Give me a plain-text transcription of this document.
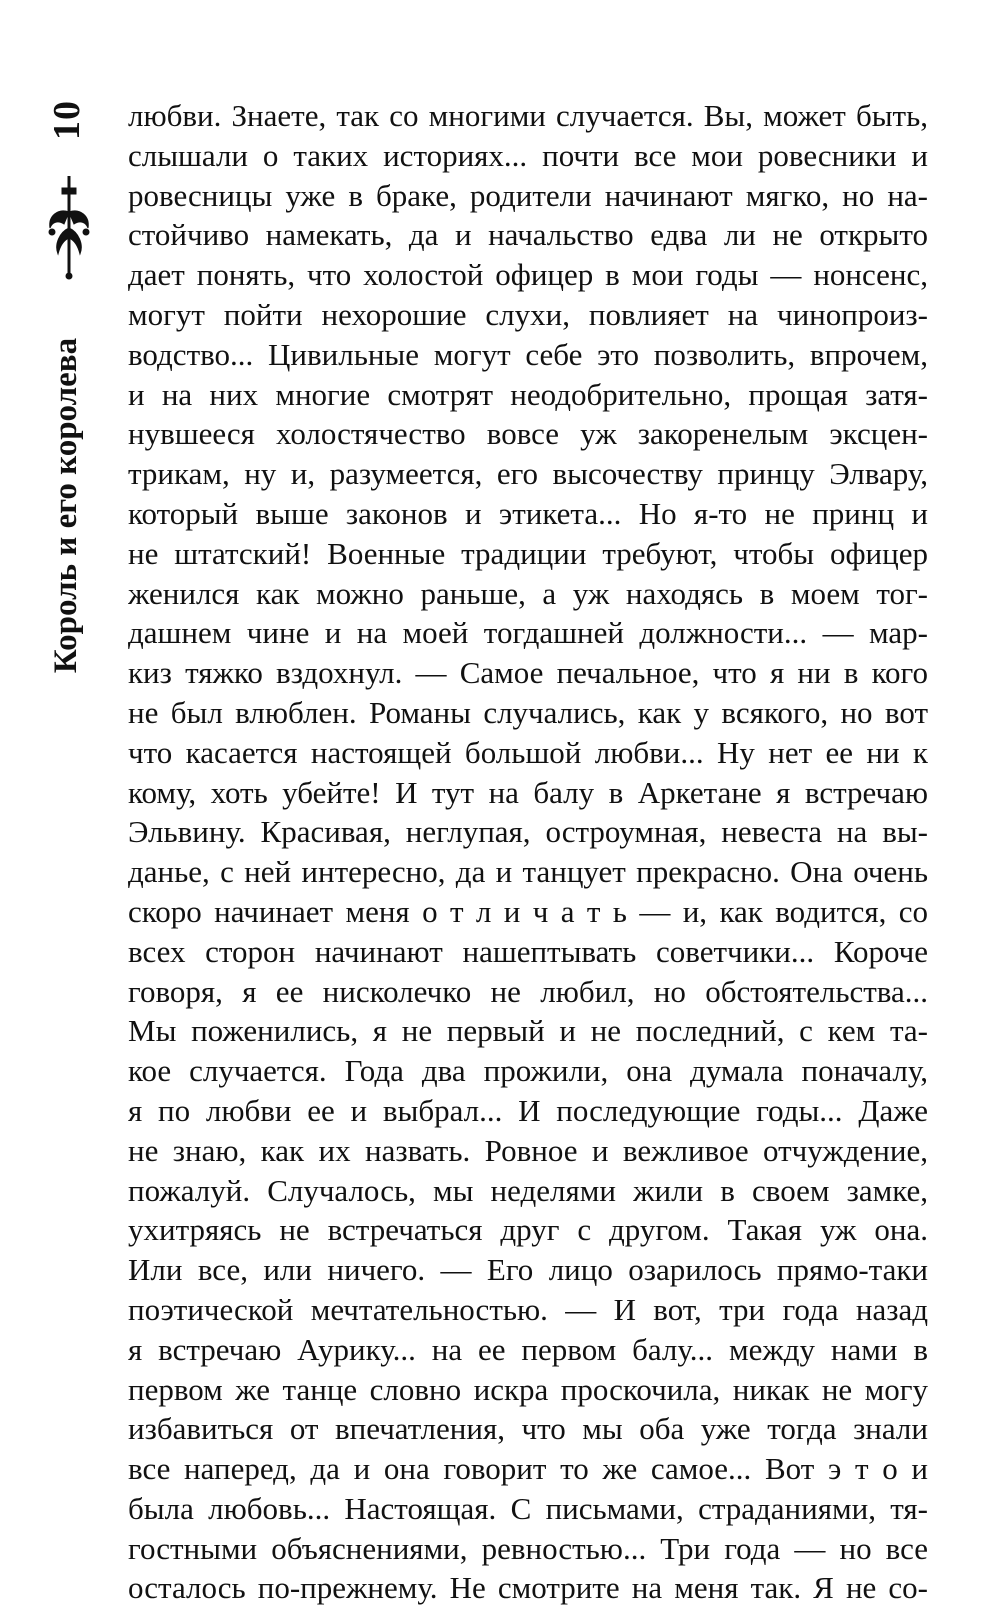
10
Король и его королева
любви. Знаете, так со многими случается. Вы, может быть,
слышали о таких историях... почти все мои ровесники и
ровесницы уже в браке, родители начинают мягко, но на-
стойчиво намекать, да и начальство едва ли не открыто
дает понять, что холостой офицер в мои годы — нонсенс,
могут пойти нехорошие слухи, повлияет на чинопроиз-
водство... Цивильные могут себе это позволить, впрочем,
и на них многие смотрят неодобрительно, прощая затя-
нувшееся холостячество вовсе уж закоренелым эксцен-
трикам, ну и, разумеется, его высочеству принцу Элвару,
который выше законов и этикета... Но я-то не принц и
не штатский! Военные традиции требуют, чтобы офицер
женился как можно раньше, а уж находясь в моем тог-
дашнем чине и на моей тогдашней должности... — мар-
киз тяжко вздохнул. — Самое печальное, что я ни в кого
не был влюблен. Романы случались, как у всякого, но вот
что касается настоящей большой любви... Ну нет ее ни к
кому, хоть убейте! И тут на балу в Аркетане я встречаю
Эльвину. Красивая, неглупая, остроумная, невеста на вы-
данье, с ней интересно, да и танцует прекрасно. Она очень
скоро начинает меня о т л и ч а т ь — и, как водится, со
всех сторон начинают нашептывать советчики... Короче
говоря, я ее нисколечко не любил, но обстоятельства...
Мы поженились, я не первый и не последний, с кем та-
кое случается. Года два прожили, она думала поначалу,
я по любви ее и выбрал... И последующие годы... Даже
не знаю, как их назвать. Ровное и вежливое отчуждение,
пожалуй. Случалось, мы неделями жили в своем замке,
ухитряясь не встречаться друг с другом. Такая уж она.
Или все, или ничего. — Его лицо озарилось прямо-таки
поэтической мечтательностью. — И вот, три года назад
я встречаю Аурику... на ее первом балу... между нами в
первом же танце словно искра проскочила, никак не могу
избавиться от впечатления, что мы оба уже тогда знали
все наперед, да и она говорит то же самое... Вот э т о и
была любовь... Настоящая. С письмами, страданиями, тя-
гостными объяснениями, ревностью... Три года — но все
осталось по-прежнему. Не смотрите на меня так. Я не со-
